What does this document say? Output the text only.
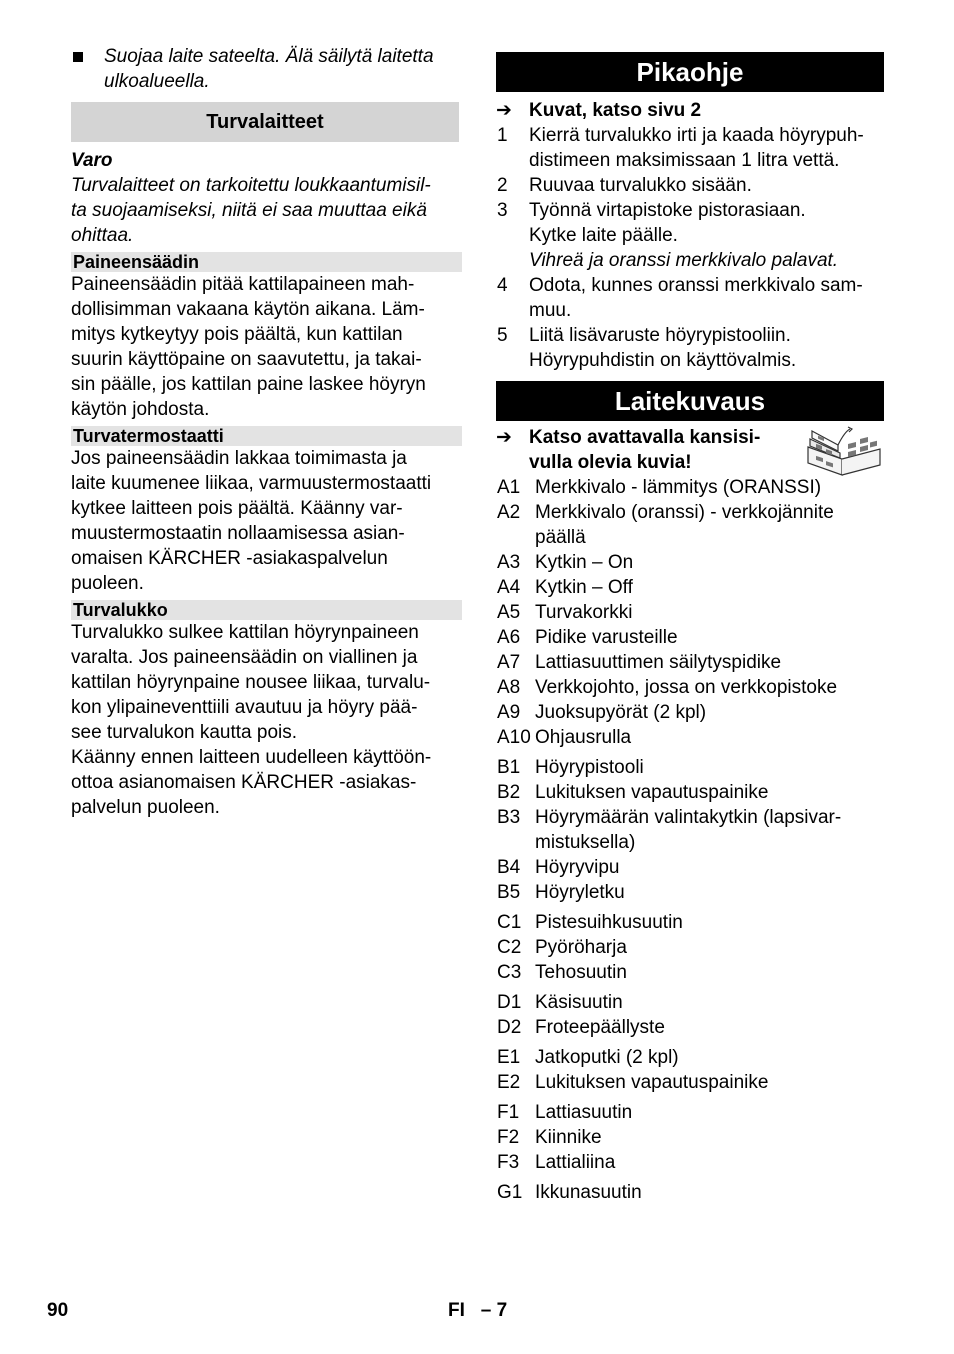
Suojaa laite sateelta. Älä säilytä laitetta
ulkoalueella.
Turvalaitteet
Varo
Turvalaitteet on tarkoitettu loukkaantumisil-
ta suojaamiseksi, niitä ei saa muuttaa eikä
ohittaa.
Paineensäädin
Paineensäädin pitää kattilapaineen mah-
dollisimman vakaana käytön aikana. Läm-
mitys kytkeytyy pois päältä, kun kattilan
suurin käyttöpaine on saavutettu, ja takai-
sin päälle, jos kattilan paine laskee höyryn
käytön johdosta.
Turvatermostaatti
Jos paineensäädin lakkaa toimimasta ja
laite kuumenee liikaa, varmuustermostaatti
kytkee laitteen pois päältä. Käänny var-
muustermostaatin nollaamisessa asian-
omaisen KÄRCHER -asiakaspalvelun
puoleen.
Turvalukko
Turvalukko sulkee kattilan höyrynpaineen
varalta. Jos paineensäädin on viallinen ja
kattilan höyrynpaine nousee liikaa, turvalu-
kon ylipaineventtiili avautuu ja höyry pää-
see turvalukon kautta pois.
Käänny ennen laitteen uudelleen käyttöön-
ottoa asianomaisen KÄRCHER -asiakas-
palvelun puoleen.
Pikaohje
➔ Kuvat, katso sivu 2
1 Kierrä turvalukko irti ja kaada höyrypuh-
distimeen maksimissaan 1 litra vettä.
2 Ruuvaa turvalukko sisään.
3 Työnnä virtapistoke pistorasiaan.
Kytke laite päälle.
Vihreä ja oranssi merkkivalo palavat.
4 Odota, kunnes oranssi merkkivalo sam-
muu.
5 Liitä lisävaruste höyrypistooliin.
Höyrypuhdistin on käyttövalmis.
Laitekuvaus
➔ Katso avattavalla kansisi-
vulla olevia kuvia!
A1 Merkkivalo - lämmitys (ORANSSI)
A2 Merkkivalo (oranssi) - verkkojännite
päällä
A3 Kytkin – On
A4 Kytkin – Off
A5 Turvakorkki
A6 Pidike varusteille
A7 Lattiasuuttimen säilytyspidike
A8 Verkkojohto, jossa on verkkopistoke
A9 Juoksupyörät (2 kpl)
A10 Ohjausrulla
B1 Höyrypistooli
B2 Lukituksen vapautuspainike
B3 Höyrymäärän valintakytkin (lapsivar-
mistuksella)
B4 Höyryvipu
B5 Höyryletku
C1 Pistesuihkusuutin
C2 Pyöröharja
C3 Tehosuutin
D1 Käsisuutin
D2 Froteepäällyste
E1 Jatkoputki (2 kpl)
E2 Lukituksen vapautuspainike
F1 Lattiasuutin
F2 Kiinnike
F3 Lattialiina
G1 Ikkunasuutin
90	FI   – 7
